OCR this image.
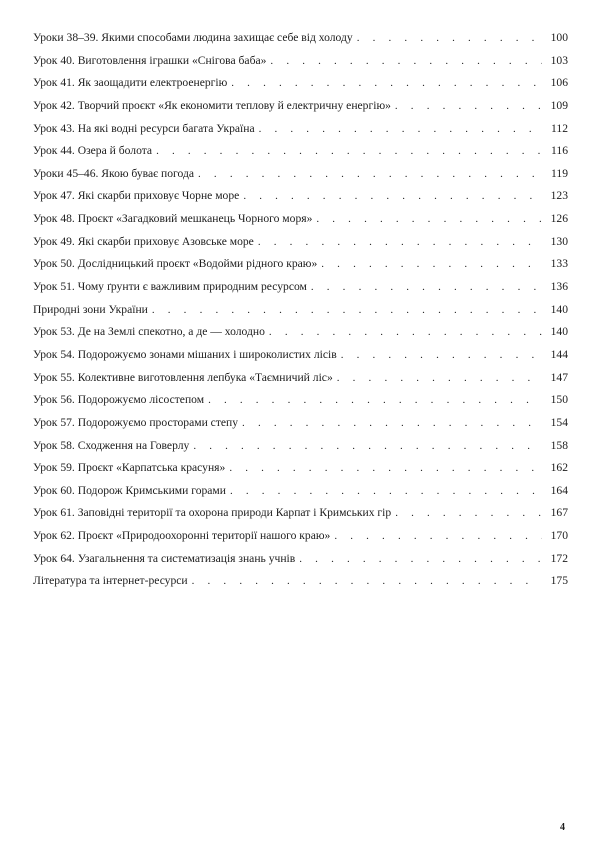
Уроки 38–39. Якими способами людина захищає себе від холоду . . .	100
Урок 40. Виготовлення іграшки «Снігова баба» . . .	103
Урок 41. Як заощадити електроенергію . . .	106
Урок 42. Творчий проєкт «Як економити теплову й електричну енергію» . . .	109
Урок 43. На які водні ресурси багата Україна . . .	112
Урок 44. Озера й болота . . .	116
Уроки 45–46. Якою буває погода . . .	119
Урок 47. Які скарби приховує Чорне море . . .	123
Урок 48. Проєкт «Загадковий мешканець Чорного моря» . . .	126
Урок 49. Які скарби приховує Азовське море . . .	130
Урок 50. Дослідницький проєкт «Водойми рідного краю» . . .	133
Урок 51. Чому ґрунти є важливим природним ресурсом . . .	136
Природні зони України . . .	140
Урок 53. Де на Землі спекотно, а де — холодно . . .	140
Урок 54. Подорожуємо зонами мішаних і широколистих лісів . . .	144
Урок 55. Колективне виготовлення лепбука «Таємничий ліс» . . .	147
Урок 56. Подорожуємо лісостепом . . .	150
Урок 57. Подорожуємо просторами степу . . .	154
Урок 58. Сходження на Говерлу . . .	158
Урок 59. Проєкт «Карпатська красуня» . . .	162
Урок 60. Подорож Кримськими горами . . .	164
Урок 61. Заповідні території та охорона природи Карпат і Кримських гір . . .	167
Урок 62. Проєкт «Природоохоронні території нашого краю» . . .	170
Урок 64. Узагальнення та систематизація знань учнів . . .	172
Література та інтернет-ресурси . . .	175
4
